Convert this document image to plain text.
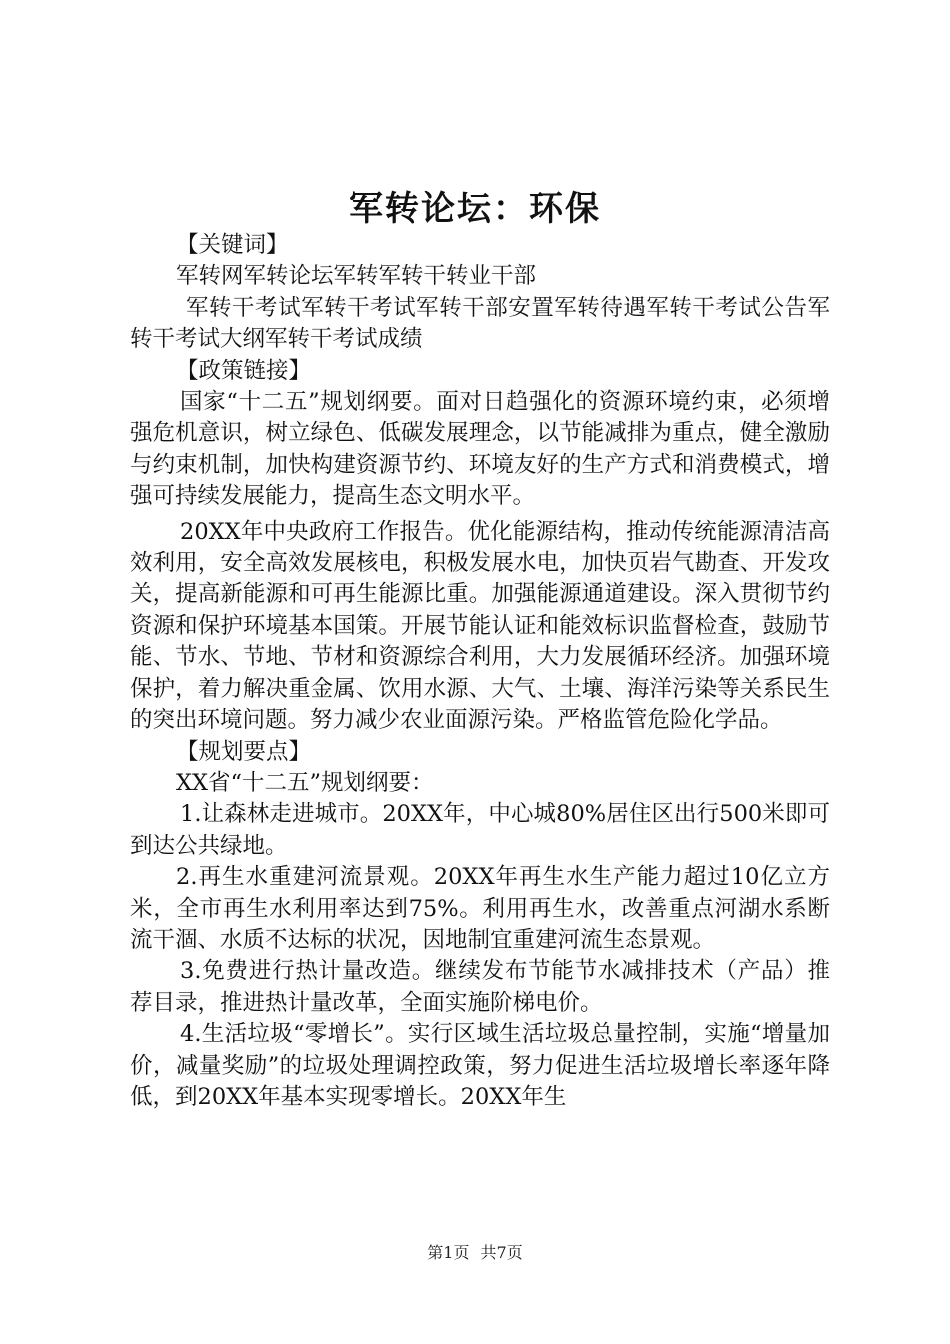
军转论坛：环保

【关键词】

军转网军转论坛军转军转干转业干部

军转干考试军转干考试军转干部安置军转待遇军转干考试公告军转干考试大纲军转干考试成绩

【政策链接】

国家“十二五”规划纲要。面对日趋强化的资源环境约束，必须增强危机意识，树立绿色、低碳发展理念，以节能减排为重点，健全激励与约束机制，加快构建资源节约、环境友好的生产方式和消费模式，增强可持续发展能力，提高生态文明水平。

20XX年中央政府工作报告。优化能源结构，推动传统能源清洁高效利用，安全高效发展核电，积极发展水电，加快页岩气勘查、开发攻关，提高新能源和可再生能源比重。加强能源通道建设。深入贯彻节约资源和保护环境基本国策。开展节能认证和能效标识监督检查，鼓励节能、节水、节地、节材和资源综合利用，大力发展循环经济。加强环境保护，着力解决重金属、饮用水源、大气、土壤、海洋污染等关系民生的突出环境问题。努力减少农业面源污染。严格监管危险化学品。

【规划要点】

XX省“十二五”规划纲要：

1.让森林走进城市。20XX年，中心城80%居住区出行500米即可到达公共绿地。

2.再生水重建河流景观。20XX年再生水生产能力超过10亿立方米，全市再生水利用率达到75%。利用再生水，改善重点河湖水系断流干涸、水质不达标的状况，因地制宜重建河流生态景观。

3.免费进行热计量改造。继续发布节能节水减排技术（产品）推荐目录，推进热计量改革，全面实施阶梯电价。

4.生活垃圾“零增长”。实行区域生活垃圾总量控制，实施“增量加价，减量奖励”的垃圾处理调控政策，努力促进生活垃圾增长率逐年降低，到20XX年基本实现零增长。20XX年生

第1页 共7页
